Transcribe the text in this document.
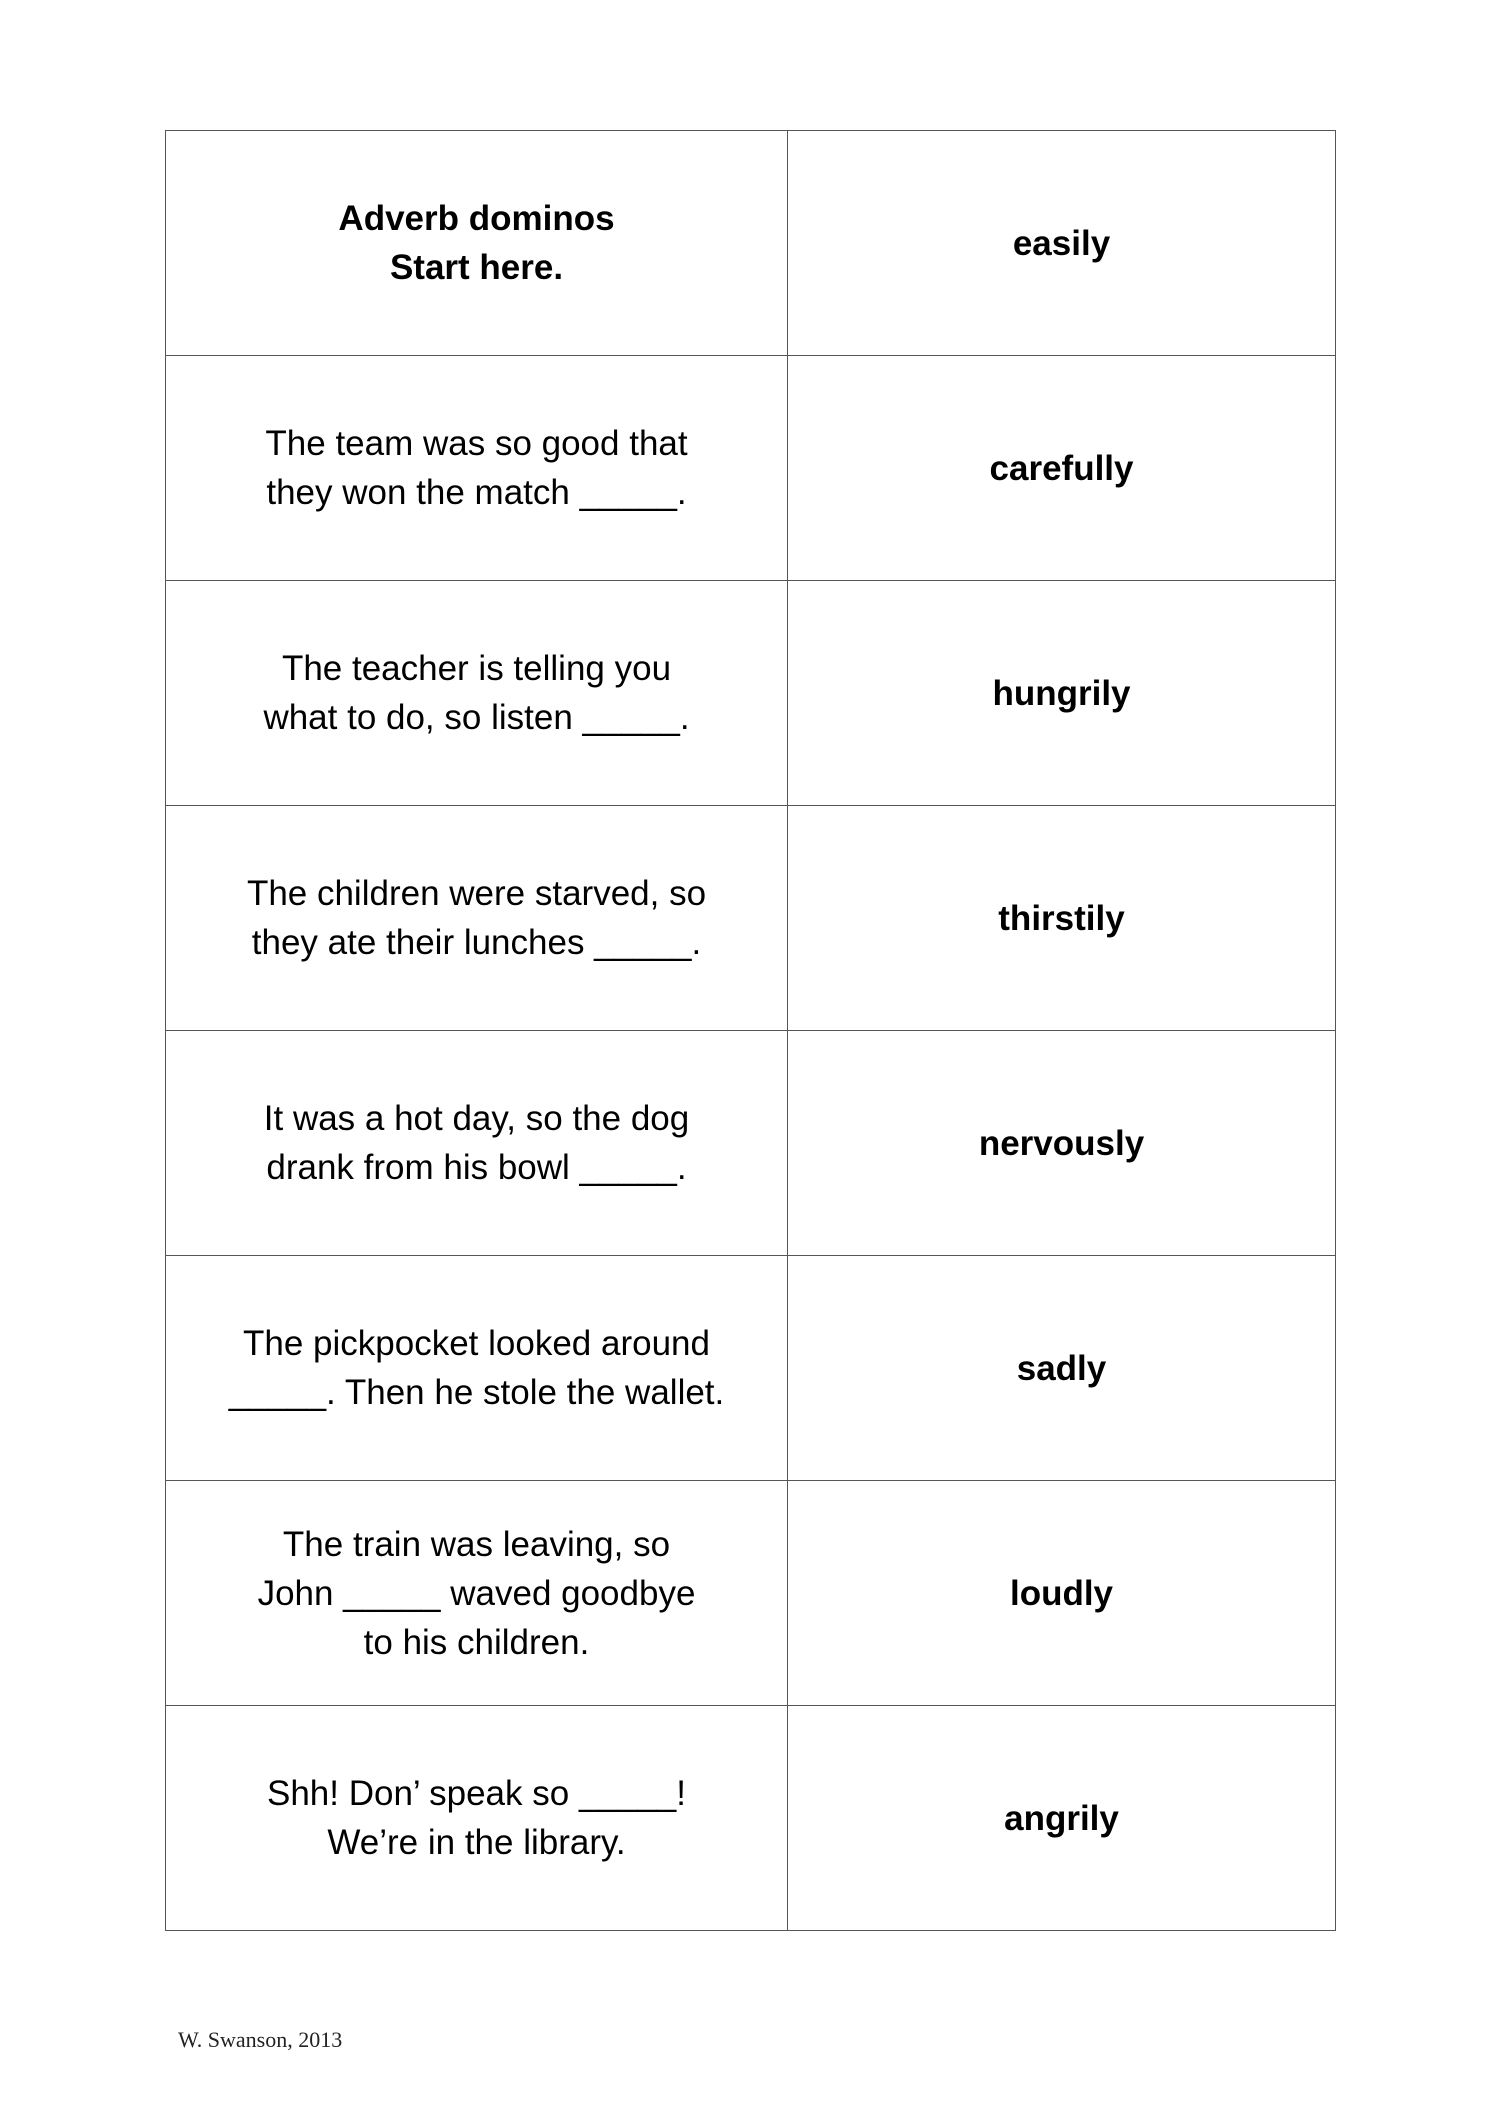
Adverb dominos
Start here.	easily
The team was so good that
they won the match _____.	carefully
The teacher is telling you
what to do, so listen _____.	hungrily
The children were starved, so
they ate their lunches _____.	thirstily
It was a hot day, so the dog
drank from his bowl _____.	nervously
The pickpocket looked around
_____. Then he stole the wallet.	sadly
The train was leaving, so
John _____ waved goodbye
to his children.	loudly
Shh! Don’ speak so _____!
We’re in the library.	angrily
W. Swanson, 2013
